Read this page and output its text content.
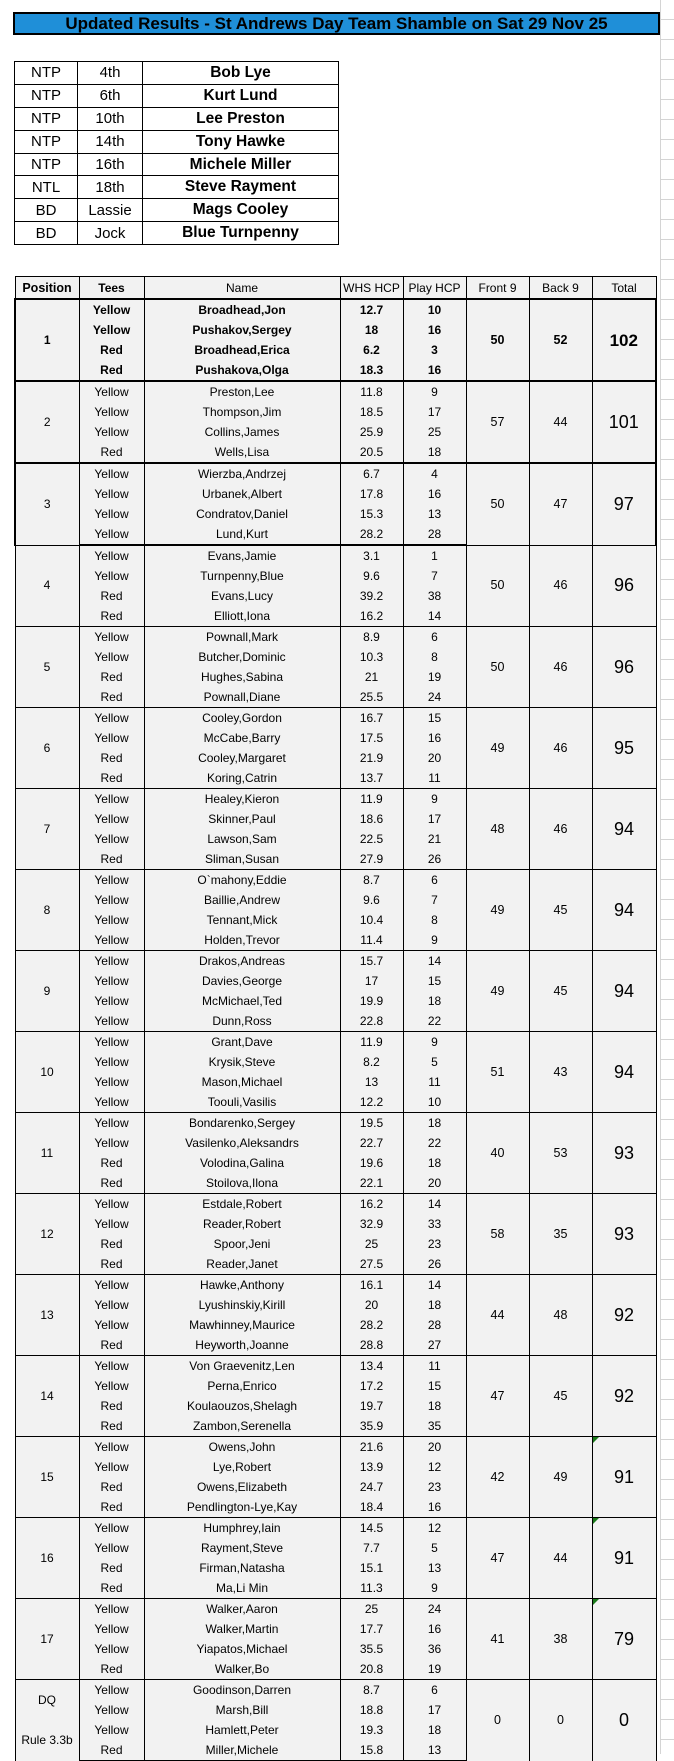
Updated Results - St Andrews Day Team Shamble on Sat 29 Nov 25
NTP	4th	Bob Lye
NTP	6th	Kurt Lund
NTP	10th	Lee Preston
NTP	14th	Tony Hawke
NTP	16th	Michele Miller
NTL	18th	Steve Rayment
BD	Lassie	Mags Cooley
BD	Jock	Blue Turnpenny
Position	Tees	Name	WHS HCP	Play HCP	Front 9	Back 9	Total
1	Yellow	Broadhead,Jon	12.7	10	50	52	102
	Yellow	Pushakov,Sergey	18	16			
	Red	Broadhead,Erica	6.2	3			
	Red	Pushakova,Olga	18.3	16			
2	Yellow	Preston,Lee	11.8	9	57	44	101
	Yellow	Thompson,Jim	18.5	17			
	Yellow	Collins,James	25.9	25			
	Red	Wells,Lisa	20.5	18			
3	Yellow	Wierzba,Andrzej	6.7	4	50	47	97
	Yellow	Urbanek,Albert	17.8	16			
	Yellow	Condratov,Daniel	15.3	13			
	Yellow	Lund,Kurt	28.2	28			
4	Yellow	Evans,Jamie	3.1	1	50	46	96
	Yellow	Turnpenny,Blue	9.6	7			
	Red	Evans,Lucy	39.2	38			
	Red	Elliott,Iona	16.2	14			
5	Yellow	Pownall,Mark	8.9	6	50	46	96
	Yellow	Butcher,Dominic	10.3	8			
	Red	Hughes,Sabina	21	19			
	Red	Pownall,Diane	25.5	24			
6	Yellow	Cooley,Gordon	16.7	15	49	46	95
	Yellow	McCabe,Barry	17.5	16			
	Red	Cooley,Margaret	21.9	20			
	Red	Koring,Catrin	13.7	11			
7	Yellow	Healey,Kieron	11.9	9	48	46	94
	Yellow	Skinner,Paul	18.6	17			
	Yellow	Lawson,Sam	22.5	21			
	Red	Sliman,Susan	27.9	26			
8	Yellow	O`mahony,Eddie	8.7	6	49	45	94
	Yellow	Baillie,Andrew	9.6	7			
	Yellow	Tennant,Mick	10.4	8			
	Yellow	Holden,Trevor	11.4	9			
9	Yellow	Drakos,Andreas	15.7	14	49	45	94
	Yellow	Davies,George	17	15			
	Yellow	McMichael,Ted	19.9	18			
	Yellow	Dunn,Ross	22.8	22			
10	Yellow	Grant,Dave	11.9	9	51	43	94
	Yellow	Krysik,Steve	8.2	5			
	Yellow	Mason,Michael	13	11			
	Yellow	Toouli,Vasilis	12.2	10			
11	Yellow	Bondarenko,Sergey	19.5	18	40	53	93
	Yellow	Vasilenko,Aleksandrs	22.7	22			
	Red	Volodina,Galina	19.6	18			
	Red	Stoilova,Ilona	22.1	20			
12	Yellow	Estdale,Robert	16.2	14	58	35	93
	Yellow	Reader,Robert	32.9	33			
	Red	Spoor,Jeni	25	23			
	Red	Reader,Janet	27.5	26			
13	Yellow	Hawke,Anthony	16.1	14	44	48	92
	Yellow	Lyushinskiy,Kirill	20	18			
	Yellow	Mawhinney,Maurice	28.2	28			
	Red	Heyworth,Joanne	28.8	27			
14	Yellow	Von Graevenitz,Len	13.4	11	47	45	92
	Yellow	Perna,Enrico	17.2	15			
	Red	Koulaouzos,Shelagh	19.7	18			
	Red	Zambon,Serenella	35.9	35			
15	Yellow	Owens,John	21.6	20	42	49	91

	Yellow	Lye,Robert	13.9	12			
	Red	Owens,Elizabeth	24.7	23			
	Red	Pendlington-Lye,Kay	18.4	16			
16	Yellow	Humphrey,Iain	14.5	12	47	44	91

	Yellow	Rayment,Steve	7.7	5			
	Red	Firman,Natasha	15.1	13			
	Red	Ma,Li Min	11.3	9			
17	Yellow	Walker,Aaron	25	24	41	38	79

	Yellow	Walker,Martin	17.7	16			
	Yellow	Yiapatos,Michael	35.5	36			
	Red	Walker,Bo	20.8	19			

DQ
Rule 3.3b	Yellow	Goodinson,Darren	8.7	6	0	0	0
	Yellow	Marsh,Bill	18.8	17			
	Yellow	Hamlett,Peter	19.3	18			
	Red	Miller,Michele	15.8	13			
